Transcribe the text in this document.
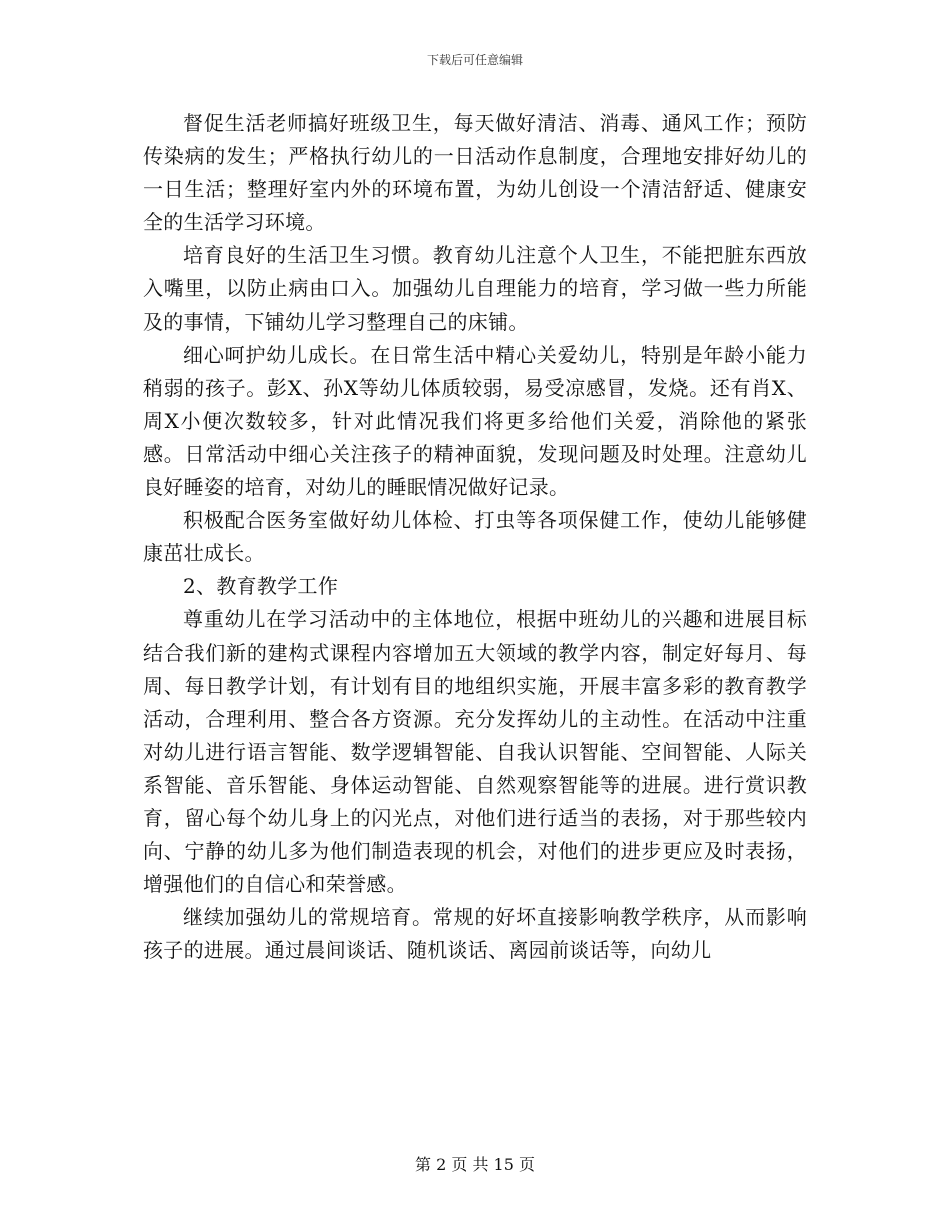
下载后可任意编辑

督促生活老师搞好班级卫生，每天做好清洁、消毒、通风工作；预防传染病的发生；严格执行幼儿的一日活动作息制度，合理地安排好幼儿的一日生活；整理好室内外的环境布置，为幼儿创设一个清洁舒适、健康安全的生活学习环境。

培育良好的生活卫生习惯。教育幼儿注意个人卫生，不能把脏东西放入嘴里，以防止病由口入。加强幼儿自理能力的培育，学习做一些力所能及的事情，下铺幼儿学习整理自己的床铺。

细心呵护幼儿成长。在日常生活中精心关爱幼儿，特别是年龄小能力稍弱的孩子。彭X、孙X等幼儿体质较弱，易受凉感冒，发烧。还有肖X、周X小便次数较多，针对此情况我们将更多给他们关爱，消除他的紧张感。日常活动中细心关注孩子的精神面貌，发现问题及时处理。注意幼儿良好睡姿的培育，对幼儿的睡眠情况做好记录。

积极配合医务室做好幼儿体检、打虫等各项保健工作，使幼儿能够健康茁壮成长。

2、教育教学工作

尊重幼儿在学习活动中的主体地位，根据中班幼儿的兴趣和进展目标结合我们新的建构式课程内容增加五大领域的教学内容，制定好每月、每周、每日教学计划，有计划有目的地组织实施，开展丰富多彩的教育教学活动，合理利用、整合各方资源。充分发挥幼儿的主动性。在活动中注重对幼儿进行语言智能、数学逻辑智能、自我认识智能、空间智能、人际关系智能、音乐智能、身体运动智能、自然观察智能等的进展。进行赏识教育，留心每个幼儿身上的闪光点，对他们进行适当的表扬，对于那些较内向、宁静的幼儿多为他们制造表现的机会，对他们的进步更应及时表扬，增强他们的自信心和荣誉感。

继续加强幼儿的常规培育。常规的好坏直接影响教学秩序，从而影响孩子的进展。通过晨间谈话、随机谈话、离园前谈话等，向幼儿

第 2 页 共 15 页
